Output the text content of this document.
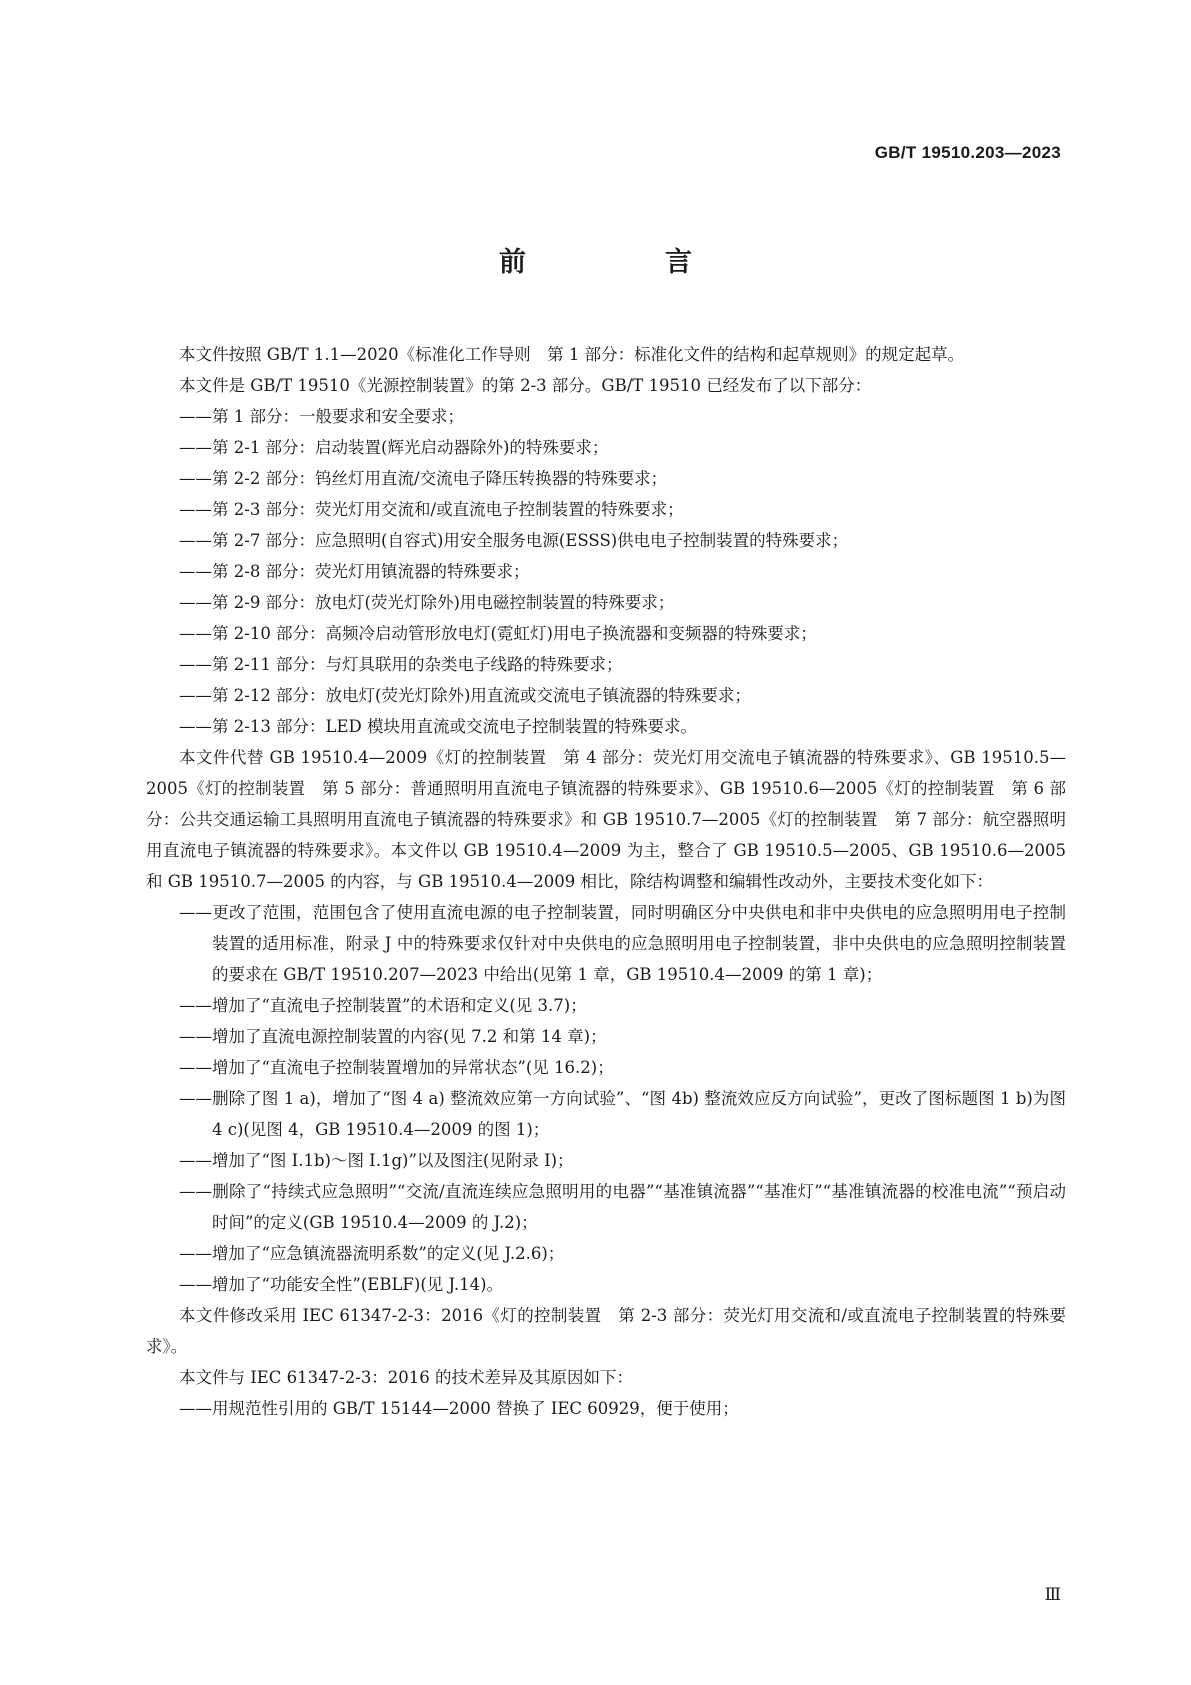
GB/T 19510.203—2023
前　言

本文件按照 GB/T 1.1—2020《标准化工作导则　第 1 部分：标准化文件的结构和起草规则》的规定起草。

本文件是 GB/T 19510《光源控制装置》的第 2-3 部分。GB/T 19510 已经发布了以下部分：

——第 1 部分：一般要求和安全要求；

——第 2-1 部分：启动装置(辉光启动器除外)的特殊要求；

——第 2-2 部分：钨丝灯用直流/交流电子降压转换器的特殊要求；

——第 2-3 部分：荧光灯用交流和/或直流电子控制装置的特殊要求；

——第 2-7 部分：应急照明(自容式)用安全服务电源(ESSS)供电电子控制装置的特殊要求；

——第 2-8 部分：荧光灯用镇流器的特殊要求；

——第 2-9 部分：放电灯(荧光灯除外)用电磁控制装置的特殊要求；

——第 2-10 部分：高频冷启动管形放电灯(霓虹灯)用电子换流器和变频器的特殊要求；

——第 2-11 部分：与灯具联用的杂类电子线路的特殊要求；

——第 2-12 部分：放电灯(荧光灯除外)用直流或交流电子镇流器的特殊要求；

——第 2-13 部分：LED 模块用直流或交流电子控制装置的特殊要求。

本文件代替 GB 19510.4—2009《灯的控制装置　第 4 部分：荧光灯用交流电子镇流器的特殊要求》、GB 19510.5—2005《灯的控制装置　第 5 部分：普通照明用直流电子镇流器的特殊要求》、GB 19510.6—2005《灯的控制装置　第 6 部分：公共交通运输工具照明用直流电子镇流器的特殊要求》和 GB 19510.7—2005《灯的控制装置　第 7 部分：航空器照明用直流电子镇流器的特殊要求》。本文件以 GB 19510.4—2009 为主，整合了 GB 19510.5—2005、GB 19510.6—2005 和 GB 19510.7—2005 的内容，与 GB 19510.4—2009 相比，除结构调整和编辑性改动外，主要技术变化如下：

——更改了范围，范围包含了使用直流电源的电子控制装置，同时明确区分中央供电和非中央供电的应急照明用电子控制装置的适用标准，附录 J 中的特殊要求仅针对中央供电的应急照明用电子控制装置，非中央供电的应急照明控制装置的要求在 GB/T 19510.207—2023 中给出(见第 1 章，GB 19510.4—2009 的第 1 章)；

——增加了“直流电子控制装置”的术语和定义(见 3.7)；

——增加了直流电源控制装置的内容(见 7.2 和第 14 章)；

——增加了“直流电子控制装置增加的异常状态”(见 16.2)；

——删除了图 1 a)，增加了“图 4 a) 整流效应第一方向试验”、“图 4b) 整流效应反方向试验”，更改了图标题图 1 b)为图 4 c)(见图 4，GB 19510.4—2009 的图 1)；

——增加了“图 I.1b)～图 I.1g)”以及图注(见附录 I)；

——删除了“持续式应急照明”“交流/直流连续应急照明用的电器”“基准镇流器”“基准灯”“基准镇流器的校准电流”“预启动时间”的定义(GB 19510.4—2009 的 J.2)；

——增加了“应急镇流器流明系数”的定义(见 J.2.6)；

——增加了“功能安全性”(EBLF)(见 J.14)。

本文件修改采用 IEC 61347-2-3：2016《灯的控制装置　第 2-3 部分：荧光灯用交流和/或直流电子控制装置的特殊要求》。

本文件与 IEC 61347-2-3：2016 的技术差异及其原因如下：

——用规范性引用的 GB/T 15144—2000 替换了 IEC 60929，便于使用；

Ⅲ
